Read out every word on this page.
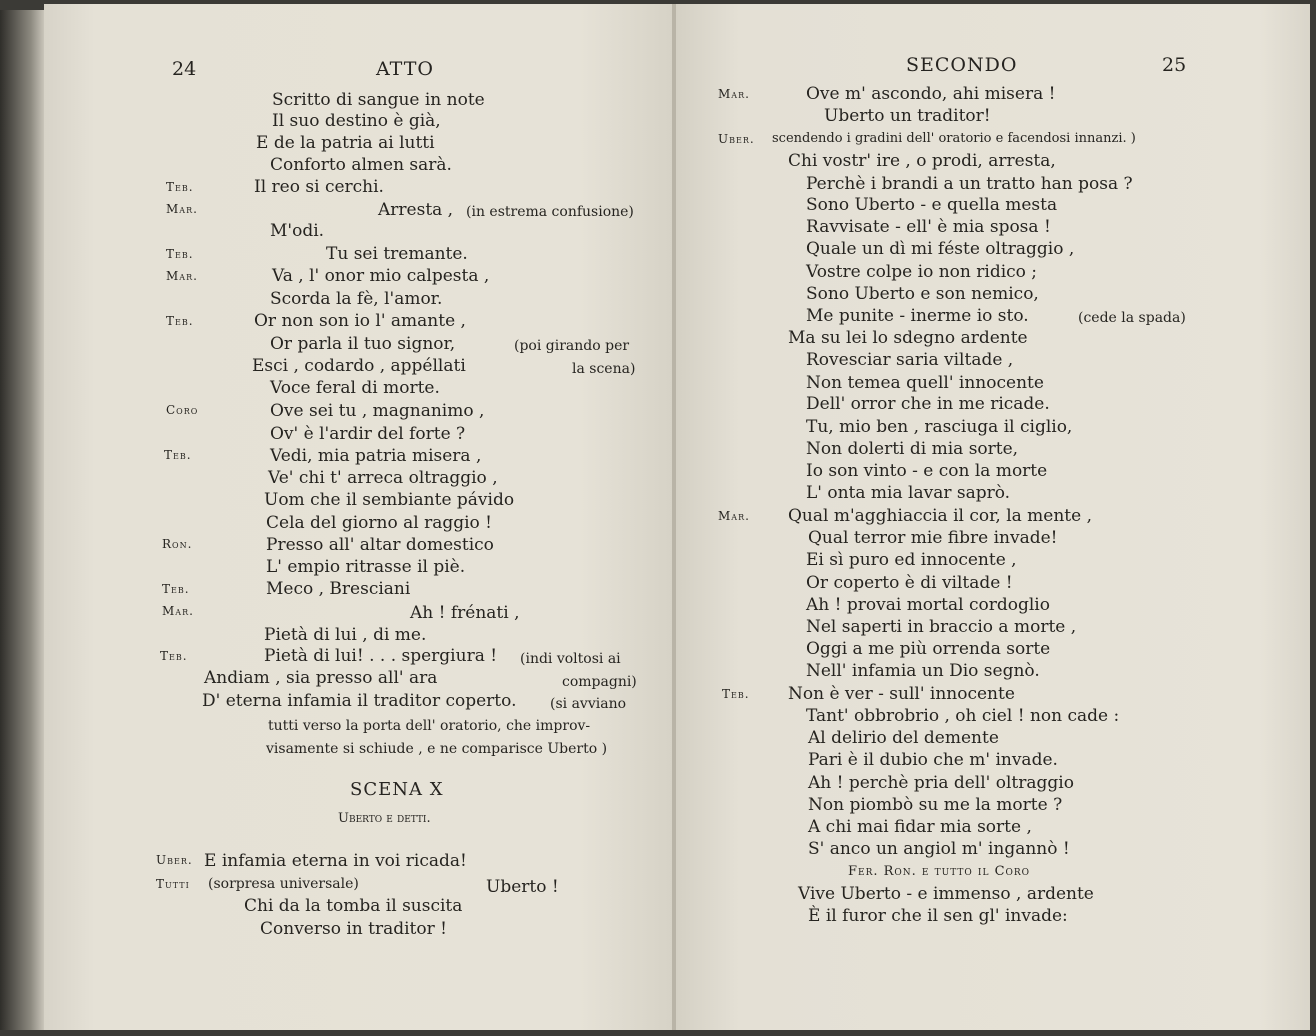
24	ATTO
Scritto di sangue in note
Il suo destino è già,
E de la patria ai lutti
Conforto almen sarà.
Teb.	Il reo si cerchi.
Mar.	Arresta , (in estrema confusione)
M'odi.
Teb.	Tu sei tremante.
Mar.	Va , l' onor mio calpesta ,
Scorda la fè, l'amor.
Teb.	Or non son io l' amante ,
Or parla il tuo signor,	(poi girando per
Esci , codardo , appéllati	la scena)
Voce feral di morte.
Coro	Ove sei tu , magnanimo ,
Ov' è l'ardir del forte ?
Teb.	Vedi, mia patria misera ,
Ve' chi t' arreca oltraggio ,
Uom che il sembiante pávido
Cela del giorno al raggio !
Ron.	Presso all' altar domestico
L' empio ritrasse il piè.
Teb.	Meco , Bresciani
Mar.	Ah ! frénati ,
Pietà di lui , di me.
Teb.	Pietà di lui! . . . spergiura ! (indi voltosi ai
Andiam , sia presso all' ara	compagni)
D' eterna infamia il traditor coperto. (si avviano
tutti verso la porta dell' oratorio, che improv-
visamente si schiude , e ne comparisce Uberto )
SCENA X
Uberto e detti.
Uber. E infamia eterna in voi ricada!
Tutti (sorpresa universale)	Uberto !
Chi da la tomba il suscita
Converso in traditor !
SECONDO	25
Mar.	Ove m' ascondo, ahi misera !
Uberto un traditor!
Uber. scendendo i gradini dell' oratorio e facendosi innanzi. )
Chi vostr' ire , o prodi, arresta,
Perchè i brandi a un tratto han posa ?
Sono Uberto - e quella mesta
Ravvisate - ell' è mia sposa !
Quale un dì mi féste oltraggio ,
Vostre colpe io non ridico ;
Sono Uberto e son nemico,
Me punite - inerme io sto.	(cede la spada)
Ma su lei lo sdegno ardente
Rovesciar saria viltade ,
Non temea quell' innocente
Dell' orror che in me ricade.
Tu, mio ben , rasciuga il ciglio,
Non dolerti di mia sorte,
Io son vinto - e con la morte
L' onta mia lavar saprò.
Mar. Qual m'agghiaccia il cor, la mente ,
Qual terror mie fibre invade!
Ei sì puro ed innocente ,
Or coperto è di viltade !
Ah ! provai mortal cordoglio
Nel saperti in braccio a morte ,
Oggi a me più orrenda sorte
Nell' infamia un Dio segnò.
Teb. Non è ver - sull' innocente
Tant' obbrobrio , oh ciel ! non cade :
Al delirio del demente
Pari è il dubio che m' invade.
Ah ! perchè pria dell' oltraggio
Non piombò su me la morte ?
A chi mai fidar mia sorte ,
S' anco un angiol m' ingannò !
Fer. Ron. e tutto il Coro
Vive Uberto - e immenso , ardente
È il furor che il sen gl' invade:
